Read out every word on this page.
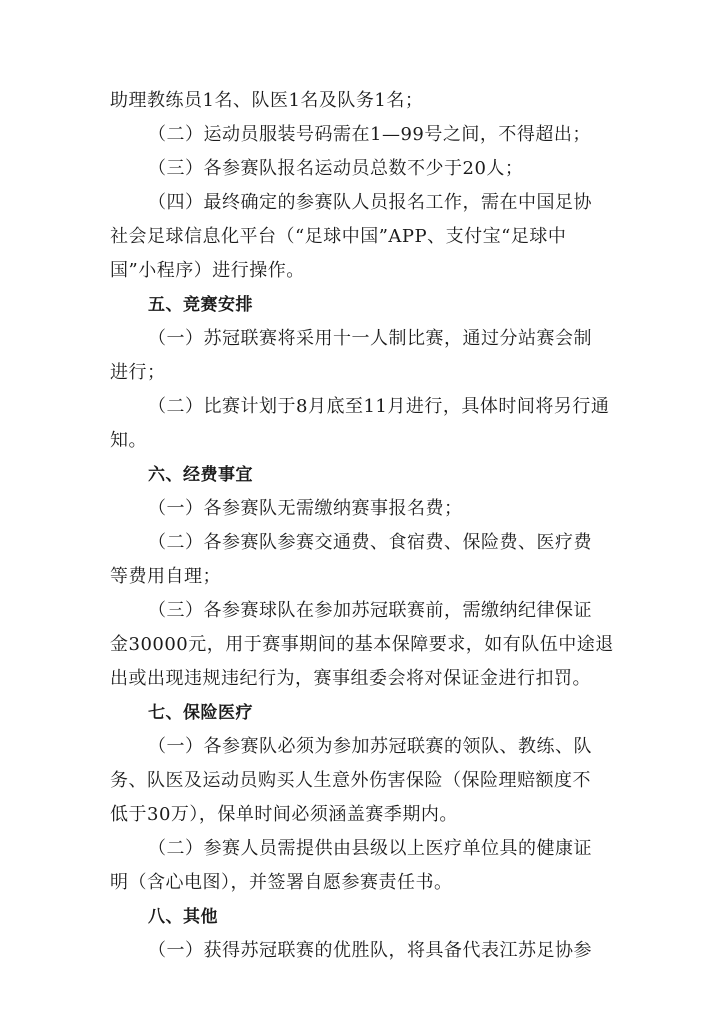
助理教练员1名、队医1名及队务1名；
（二）运动员服装号码需在1—99号之间，不得超出；
（三）各参赛队报名运动员总数不少于20人；
（四）最终确定的参赛队人员报名工作，需在中国足协
社会足球信息化平台（“足球中国”APP、支付宝“足球中
国”小程序）进行操作。
五、竞赛安排
（一）苏冠联赛将采用十一人制比赛，通过分站赛会制
进行；
（二）比赛计划于8月底至11月进行，具体时间将另行通
知。
六、经费事宜
（一）各参赛队无需缴纳赛事报名费；
（二）各参赛队参赛交通费、食宿费、保险费、医疗费
等费用自理；
（三）各参赛球队在参加苏冠联赛前，需缴纳纪律保证
金30000元，用于赛事期间的基本保障要求，如有队伍中途退
出或出现违规违纪行为，赛事组委会将对保证金进行扣罚。
七、保险医疗
（一）各参赛队必须为参加苏冠联赛的领队、教练、队
务、队医及运动员购买人生意外伤害保险（保险理赔额度不
低于30万），保单时间必须涵盖赛季期内。
（二）参赛人员需提供由县级以上医疗单位具的健康证
明（含心电图），并签署自愿参赛责任书。
八、其他
（一）获得苏冠联赛的优胜队，将具备代表江苏足协参
